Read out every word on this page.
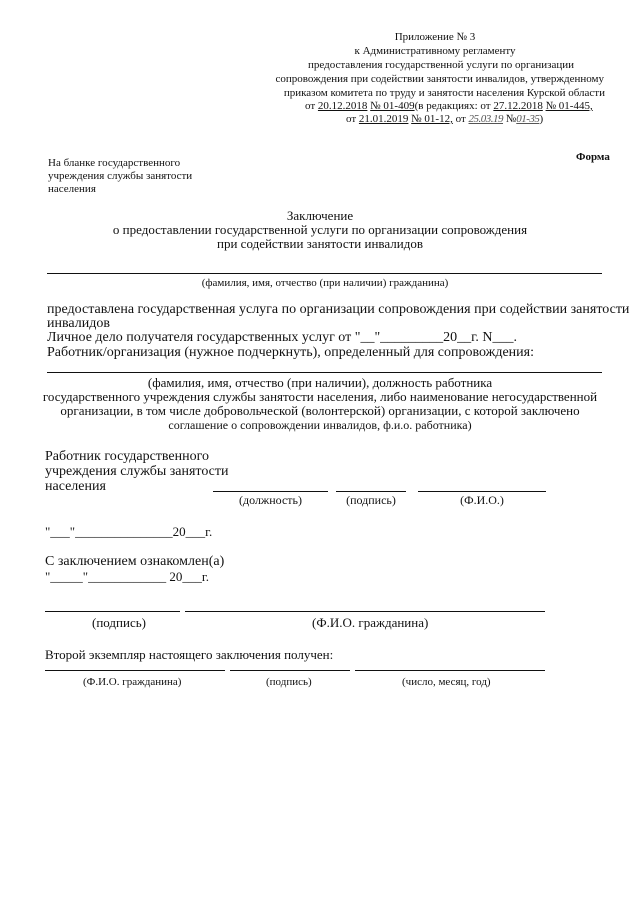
Приложение № 3
к Административному регламенту
предоставления государственной услуги по организации
сопровождения при содействии занятости инвалидов, утвержденному
приказом комитета по труду и занятости населения Курской области
от 20.12.2018 № 01-409(в редакциях: от 27.12.2018 № 01-445,
от 21.01.2019 № 01-12, от 25.03.19 №01-35)
Форма
На бланке государственного
учреждения службы занятости
населения
Заключение
о предоставлении государственной услуги по организации сопровождения
при содействии занятости инвалидов
(фамилия, имя, отчество (при наличии) гражданина)
предоставлена государственная услуга по организации сопровождения при содействии занятости
инвалидов
Личное дело получателя государственных услуг от "__"_________20__г. N___.
Работник/организация (нужное подчеркнуть), определенный для сопровождения:
(фамилия, имя, отчество (при наличии), должность работника
государственного учреждения службы занятости населения, либо наименование негосударственной
организации, в том числе добровольческой (волонтерской) организации, с которой заключено
соглашение о сопровождении инвалидов, ф.и.о. работника)
Работник государственного
учреждения службы занятости
населения
(должность)	(подпись)	(Ф.И.О.)
"___"_______________20___г.
С заключением ознакомлен(а)
"_____"____________ 20___г.
(подпись)	(Ф.И.О. гражданина)
Второй экземпляр настоящего заключения получен:
(Ф.И.О. гражданина)	(подпись)	(число, месяц, год)
